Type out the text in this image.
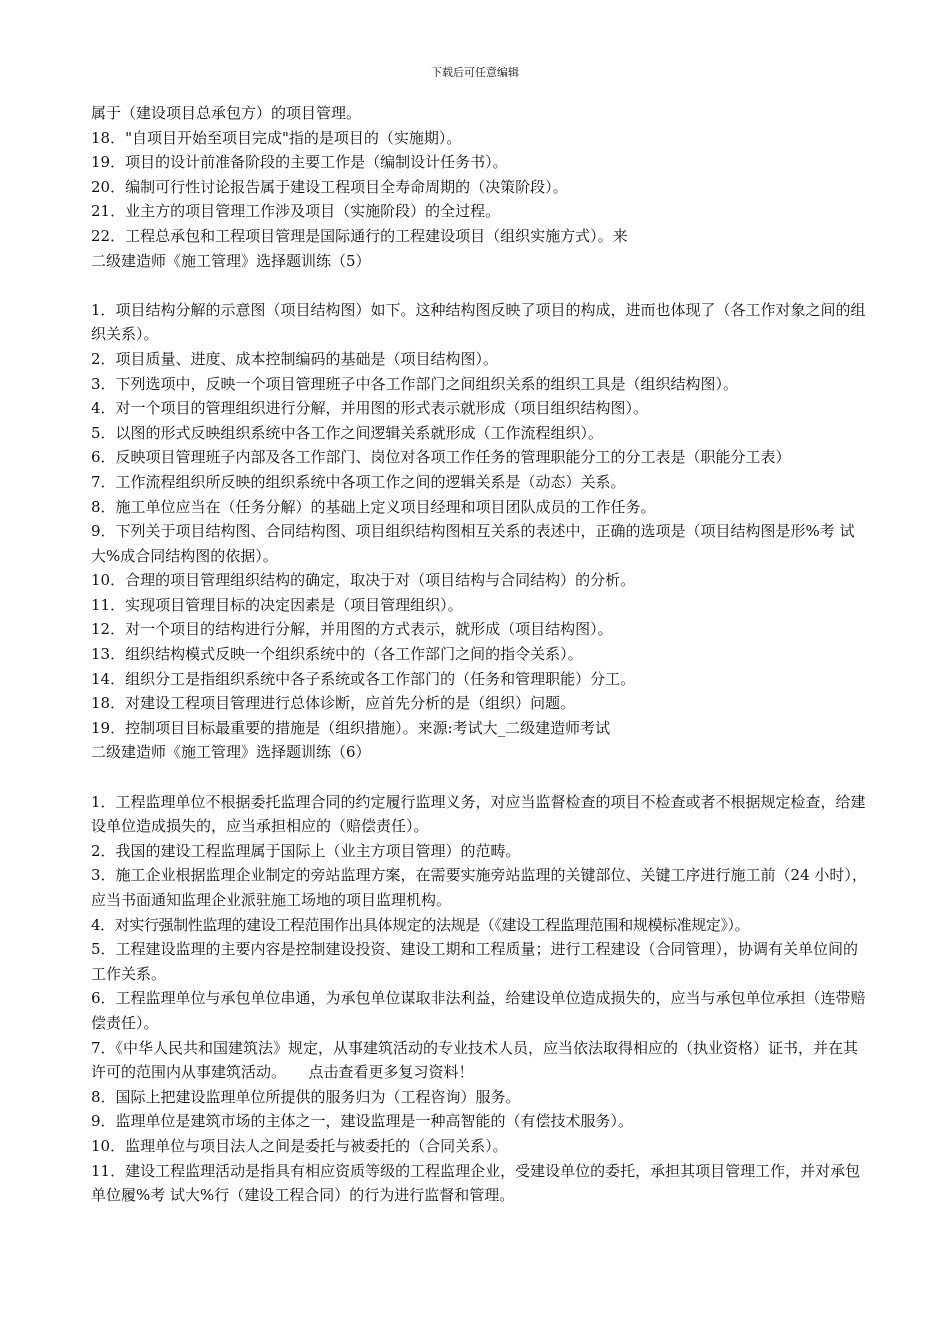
下载后可任意编辑
属于（建设项目总承包方）的项目管理。
18．"自项目开始至项目完成"指的是项目的（实施期）。
19．项目的设计前准备阶段的主要工作是（编制设计任务书）。
20．编制可行性讨论报告属于建设工程项目全寿命周期的（决策阶段）。
21．业主方的项目管理工作涉及项目（实施阶段）的全过程。
22．工程总承包和工程项目管理是国际通行的工程建设项目（组织实施方式）。来
二级建造师《施工管理》选择题训练（5）
1．项目结构分解的示意图（项目结构图）如下。这种结构图反映了项目的构成，进而也体现了（各工作对象之间的组织关系）。
2．项目质量、进度、成本控制编码的基础是（项目结构图）。
3．下列选项中，反映一个项目管理班子中各工作部门之间组织关系的组织工具是（组织结构图）。
4．对一个项目的管理组织进行分解，并用图的形式表示就形成（项目组织结构图）。
5．以图的形式反映组织系统中各工作之间逻辑关系就形成（工作流程组织）。
6．反映项目管理班子内部及各工作部门、岗位对各项工作任务的管理职能分工的分工表是（职能分工表）
7．工作流程组织所反映的组织系统中各项工作之间的逻辑关系是（动态）关系。
8．施工单位应当在（任务分解）的基础上定义项目经理和项目团队成员的工作任务。
9．下列关于项目结构图、合同结构图、项目组织结构图相互关系的表述中，正确的选项是（项目结构图是形%考 试大%成合同结构图的依据）。
10．合理的项目管理组织结构的确定，取决于对（项目结构与合同结构）的分析。
11．实现项目管理目标的决定因素是（项目管理组织）。
12．对一个项目的结构进行分解，并用图的方式表示，就形成（项目结构图）。
13．组织结构模式反映一个组织系统中的（各工作部门之间的指令关系）。
14．组织分工是指组织系统中各子系统或各工作部门的（任务和管理职能）分工。
18．对建设工程项目管理进行总体诊断，应首先分析的是（组织）问题。
19．控制项目目标最重要的措施是（组织措施）。来源:考试大_二级建造师考试
二级建造师《施工管理》选择题训练（6）
1．工程监理单位不根据委托监理合同的约定履行监理义务，对应当监督检查的项目不检查或者不根据规定检查，给建设单位造成损失的，应当承担相应的（赔偿责任）。
2．我国的建设工程监理属于国际上（业主方项目管理）的范畴。
3．施工企业根据监理企业制定的旁站监理方案，在需要实施旁站监理的关键部位、关键工序进行施工前（24 小时），应当书面通知监理企业派驻施工场地的项目监理机构。
4．对实行强制性监理的建设工程范围作出具体规定的法规是（《建设工程监理范围和规模标准规定》）。
5．工程建设监理的主要内容是控制建设投资、建设工期和工程质量；进行工程建设（合同管理），协调有关单位间的工作关系。
6．工程监理单位与承包单位串通，为承包单位谋取非法利益，给建设单位造成损失的，应当与承包单位承担（连带赔偿责任）。
7．《中华人民共和国建筑法》规定，从事建筑活动的专业技术人员，应当依法取得相应的（执业资格）证书，并在其许可的范围内从事建筑活动。　　点击查看更多复习资料！
8．国际上把建设监理单位所提供的服务归为（工程咨询）服务。
9．监理单位是建筑市场的主体之一，建设监理是一种高智能的（有偿技术服务）。
10．监理单位与项目法人之间是委托与被委托的（合同关系）。
11．建设工程监理活动是指具有相应资质等级的工程监理企业，受建设单位的委托，承担其项目管理工作，并对承包单位履%考 试大%行（建设工程合同）的行为进行监督和管理。
